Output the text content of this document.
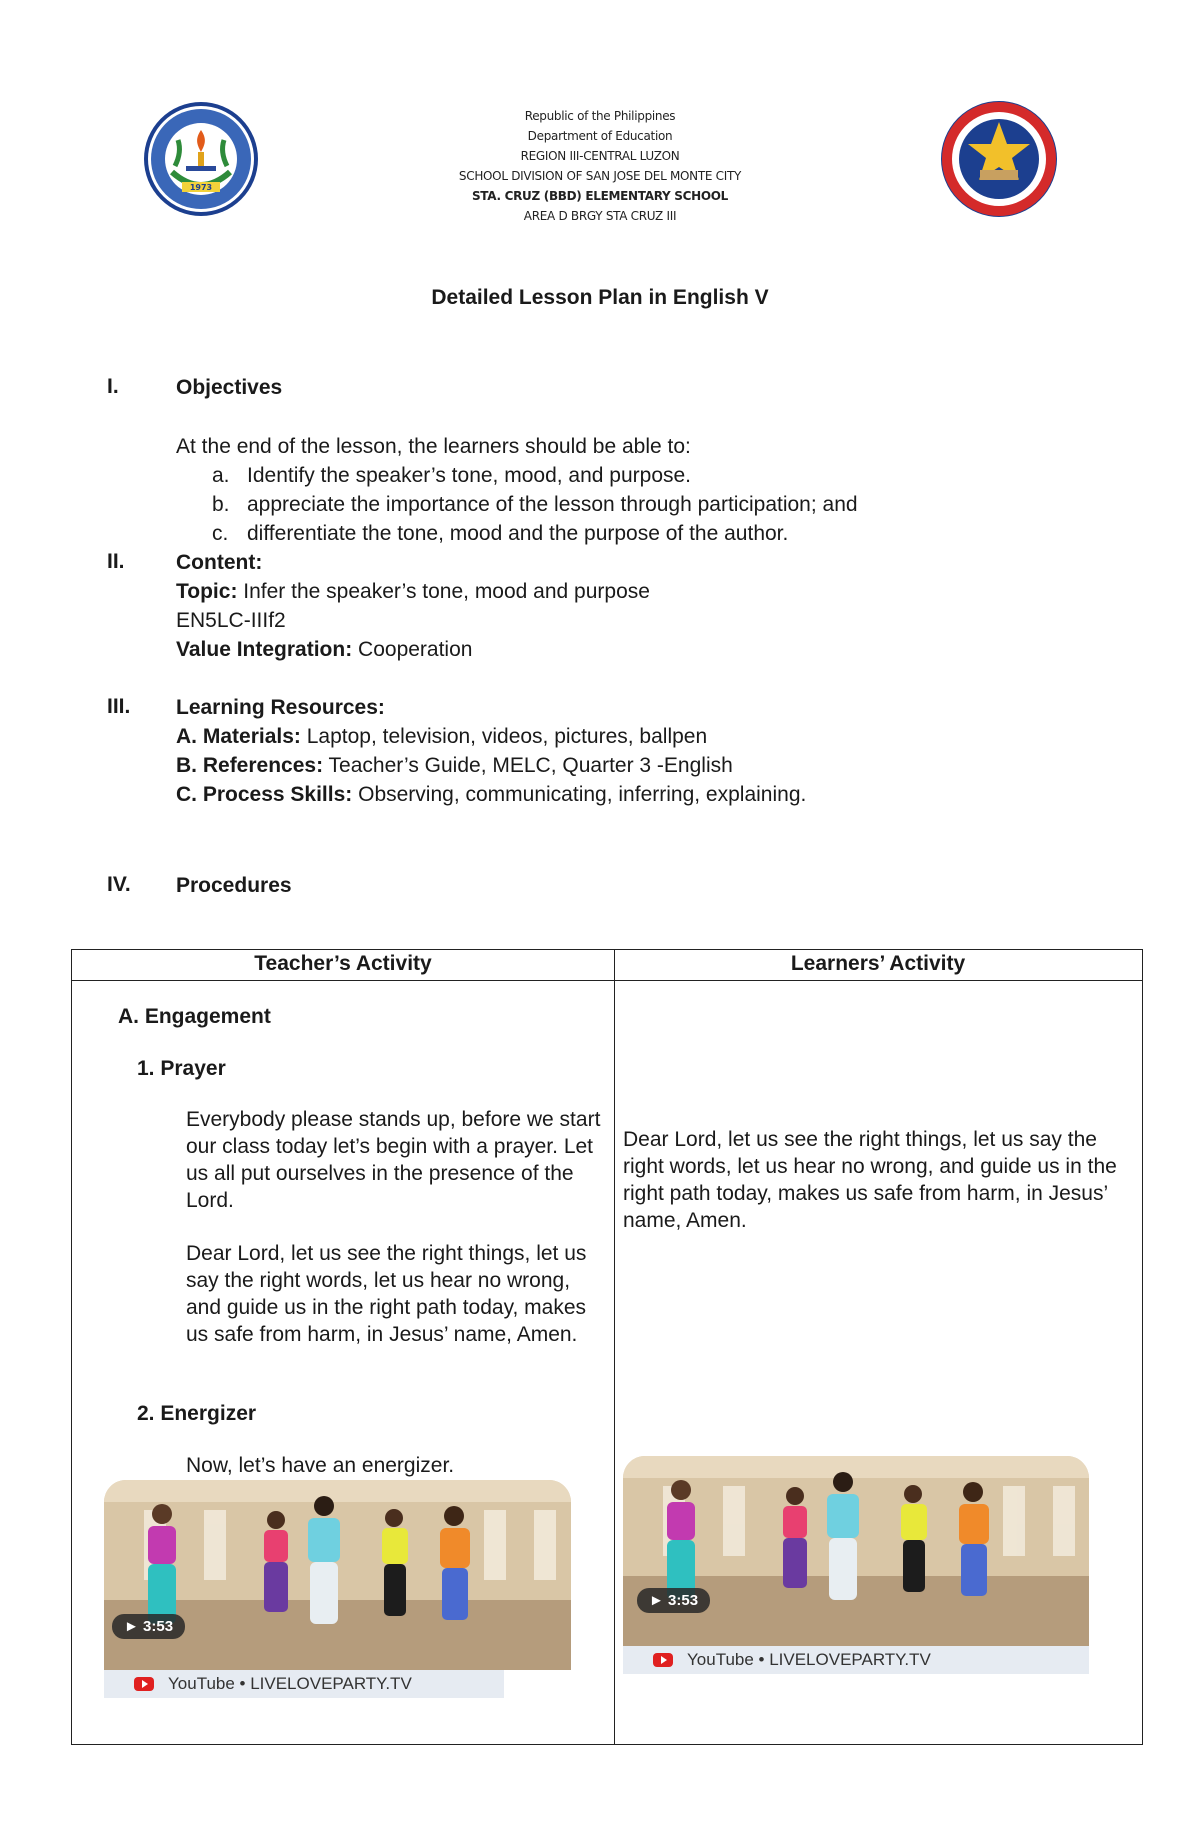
1973
Republic of the Philippines
Department of Education
REGION III-CENTRAL LUZON
SCHOOL DIVISION OF SAN JOSE DEL MONTE CITY
STA. CRUZ (BBD) ELEMENTARY SCHOOL
AREA D BRGY STA CRUZ III
Detailed Lesson Plan in English V
I.	Objectives
At the end of the lesson, the learners should be able to:
a. Identify the speaker’s tone, mood, and purpose.
b. appreciate the importance of the lesson through participation; and
c. differentiate the tone, mood and the purpose of the author.
II. Content:
Topic: Infer the speaker’s tone, mood and purpose
EN5LC-IIIf2
Value Integration: Cooperation
III. Learning Resources:
A. Materials: Laptop, television, videos, pictures, ballpen
B. References: Teacher’s Guide, MELC, Quarter 3 -English
C. Process Skills: Observing, communicating, inferring, explaining.
IV. Procedures
Teacher’s Activity	Learners’ Activity
A. Engagement
1. Prayer
Everybody please stands up, before we start our class today let’s begin with a prayer. Let us all put ourselves in the presence of the Lord.
Dear Lord, let us see the right things, let us say the right words, let us hear no wrong, and guide us in the right path today, makes us safe from harm, in Jesus’ name, Amen.
2. Energizer
Now, let’s have an energizer.
► 3:53
YouTube • LIVELOVEPARTY.TV
Dear Lord, let us see the right things, let us say the right words, let us hear no wrong, and guide us in the right path today, makes us safe from harm, in Jesus’ name, Amen.
► 3:53
YouTube • LIVELOVEPARTY.TV
